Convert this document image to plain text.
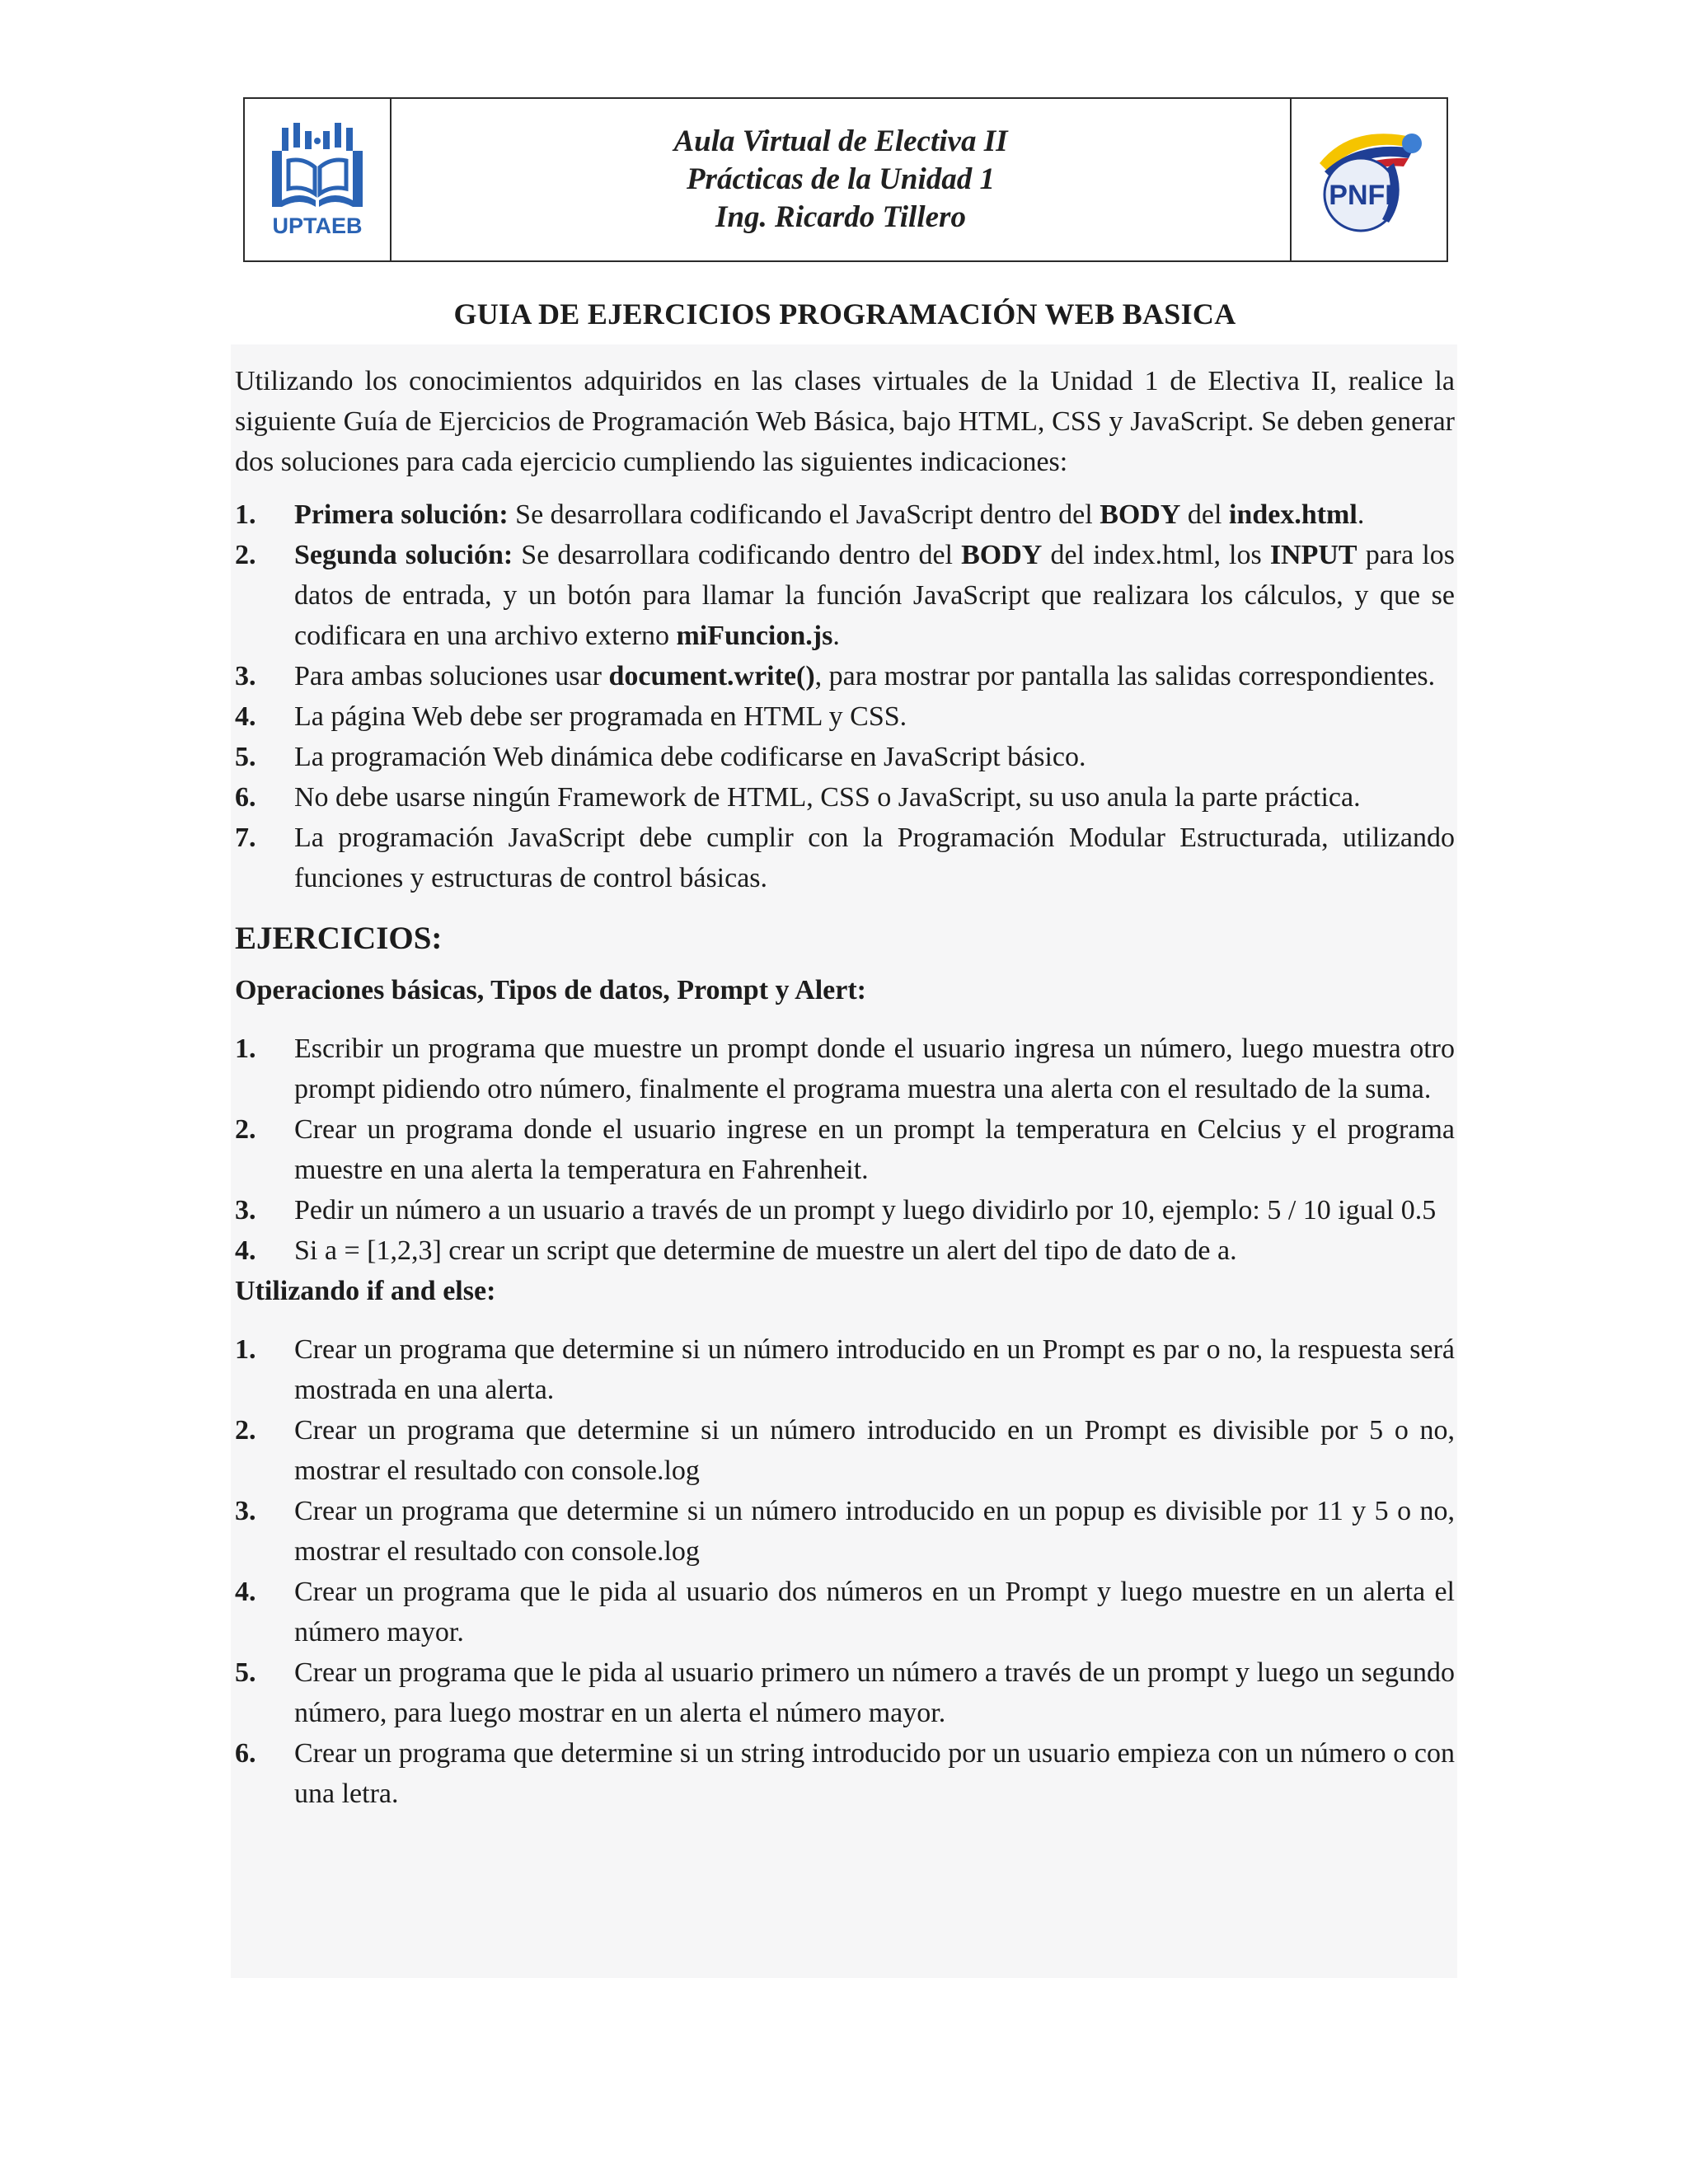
UPTAEB
Aula Virtual de Electiva II
Prácticas de la Unidad 1
Ing. Ricardo Tillero
PNFI
GUIA DE EJERCICIOS PROGRAMACIÓN WEB BASICA

Utilizando los conocimientos adquiridos en las clases virtuales de la Unidad 1 de Electiva II, realice la siguiente Guía de Ejercicios de Programación Web Básica, bajo HTML, CSS y JavaScript. Se deben generar dos soluciones para cada ejercicio cumpliendo las siguientes indicaciones:

1. Primera solución: Se desarrollara codificando el JavaScript dentro del BODY del index.html.
2. Segunda solución: Se desarrollara codificando dentro del BODY del index.html, los INPUT para los datos de entrada, y un botón para llamar la función JavaScript que realizara los cálculos, y que se codificara en una archivo externo miFuncion.js.
3. Para ambas soluciones usar document.write(), para mostrar por pantalla las salidas correspondientes.
4. La página Web debe ser programada en HTML y CSS.
5. La programación Web dinámica debe codificarse en JavaScript básico.
6. No debe usarse ningún Framework de HTML, CSS o JavaScript, su uso anula la parte práctica.
7. La programación JavaScript debe cumplir con la Programación Modular Estructurada, utilizando funciones y estructuras de control básicas.
EJERCICIOS:
Operaciones básicas, Tipos de datos, Prompt y Alert:
1. Escribir un programa que muestre un prompt donde el usuario ingresa un número, luego muestra otro prompt pidiendo otro número, finalmente el programa muestra una alerta con el resultado de la suma.
2. Crear un programa donde el usuario ingrese en un prompt la temperatura en Celcius y el programa muestre en una alerta la temperatura en Fahrenheit.
3. Pedir un número a un usuario a través de un prompt y luego dividirlo por 10, ejemplo: 5 / 10 igual 0.5
4. Si a = [1,2,3] crear un script que determine de muestre un alert del tipo de dato de a.
Utilizando if and else:
1. Crear un programa que determine si un número introducido en un Prompt es par o no, la respuesta será mostrada en una alerta.
2. Crear un programa que determine si un número introducido en un Prompt es divisible por 5 o no, mostrar el resultado con console.log
3. Crear un programa que determine si un número introducido en un popup es divisible por 11 y 5 o no, mostrar el resultado con console.log
4. Crear un programa que le pida al usuario dos números en un Prompt y luego muestre en un alerta el número mayor.
5. Crear un programa que le pida al usuario primero un número a través de un prompt y luego un segundo número, para luego mostrar en un alerta el número mayor.
6. Crear un programa que determine si un string introducido por un usuario empieza con un número o con una letra.
